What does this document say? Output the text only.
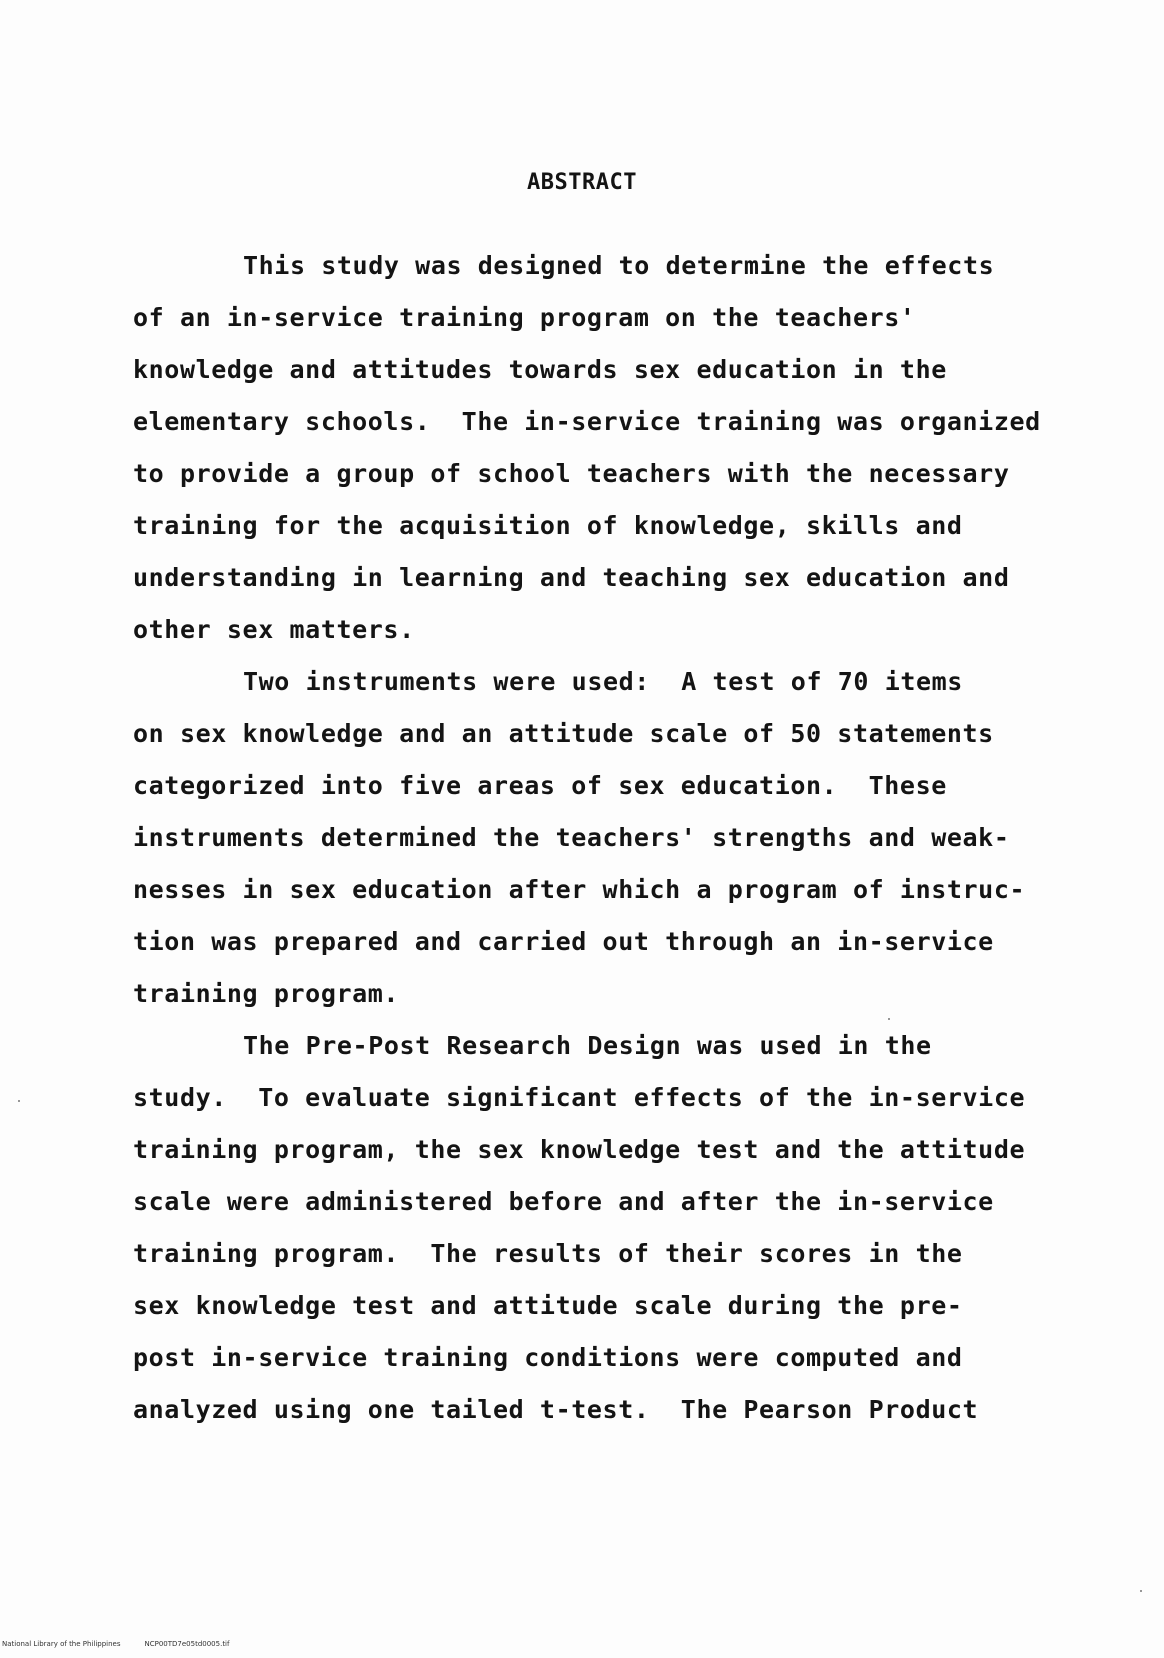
ABSTRACT
This study was designed to determine the effects
of an in-service training program on the teachers'
knowledge and attitudes towards sex education in the
elementary schools.  The in-service training was organized
to provide a group of school teachers with the necessary
training for the acquisition of knowledge, skills and
understanding in learning and teaching sex education and
other sex matters.
Two instruments were used:  A test of 70 items
on sex knowledge and an attitude scale of 50 statements
categorized into five areas of sex education.  These
instruments determined the teachers' strengths and weak-
nesses in sex education after which a program of instruc-
tion was prepared and carried out through an in-service
training program.
The Pre-Post Research Design was used in the
study.  To evaluate significant effects of the in-service
training program, the sex knowledge test and the attitude
scale were administered before and after the in-service
training program.  The results of their scores in the
sex knowledge test and attitude scale during the pre-
post in-service training conditions were computed and
analyzed using one tailed t-test.  The Pearson Product
National Library of the Philippines	NCP00TD7e05td0005.tif
